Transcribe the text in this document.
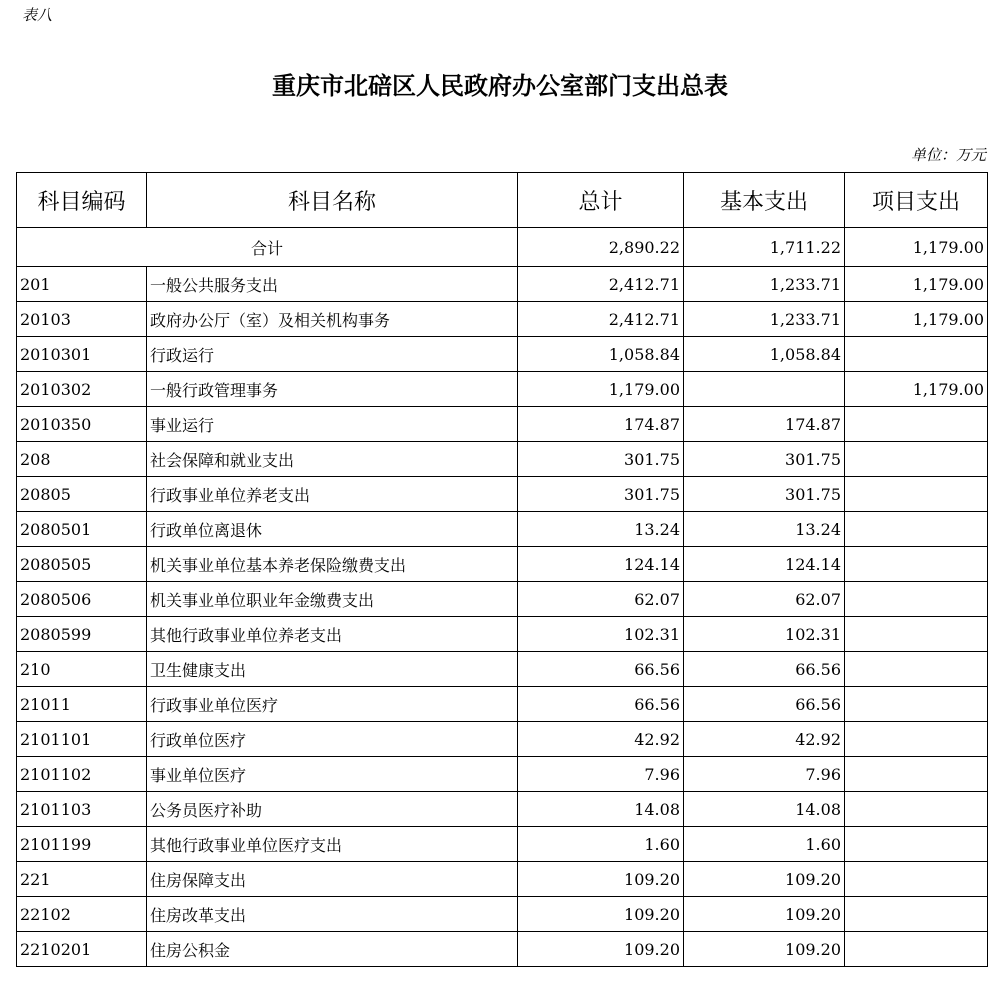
表八
重庆市北碚区人民政府办公室部门支出总表
单位：万元
科目编码	科目名称	总计	基本支出	项目支出
合计		2,890.22	1,711.22	1,179.00
201	一般公共服务支出	2,412.71	1,233.71	1,179.00
20103	政府办公厅（室）及相关机构事务	2,412.71	1,233.71	1,179.00
2010301	行政运行	1,058.84	1,058.84	
2010302	一般行政管理事务	1,179.00		1,179.00
2010350	事业运行	174.87	174.87	
208	社会保障和就业支出	301.75	301.75	
20805	行政事业单位养老支出	301.75	301.75	
2080501	行政单位离退休	13.24	13.24	
2080505	机关事业单位基本养老保险缴费支出	124.14	124.14	
2080506	机关事业单位职业年金缴费支出	62.07	62.07	
2080599	其他行政事业单位养老支出	102.31	102.31	
210	卫生健康支出	66.56	66.56	
21011	行政事业单位医疗	66.56	66.56	
2101101	行政单位医疗	42.92	42.92	
2101102	事业单位医疗	7.96	7.96	
2101103	公务员医疗补助	14.08	14.08	
2101199	其他行政事业单位医疗支出	1.60	1.60	
221	住房保障支出	109.20	109.20	
22102	住房改革支出	109.20	109.20	
2210201	住房公积金	109.20	109.20	
